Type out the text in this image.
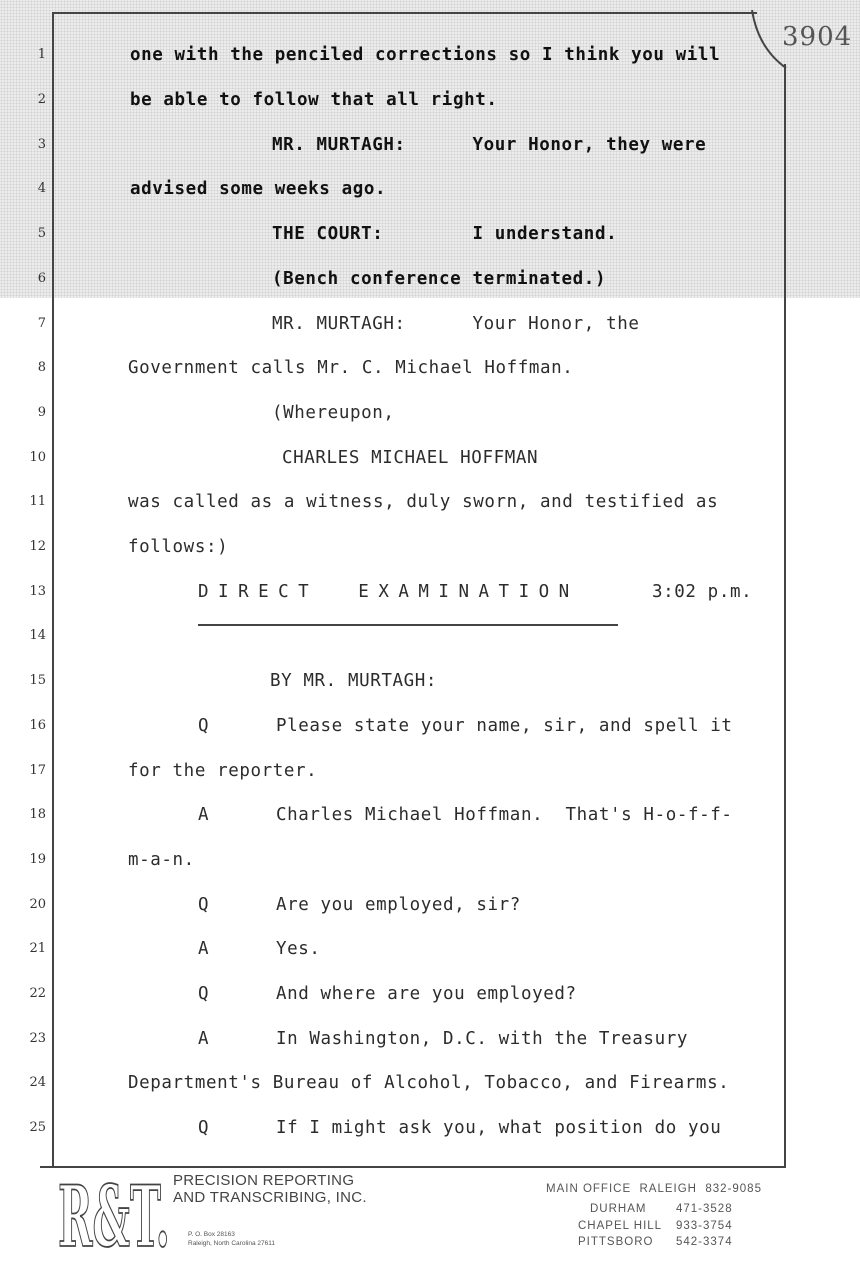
3904
1
2
3
4
5
6
7
8
9
10
11
12
13
14
15
16
17
18
19
20
21
22
23
24
25
one with the penciled corrections so I think you will
be able to follow that all right.
MR. MURTAGH:      Your Honor, they were
advised some weeks ago.
THE COURT:        I understand.
(Bench conference terminated.)
MR. MURTAGH:      Your Honor, the
Government calls Mr. C. Michael Hoffman.
(Whereupon,
CHARLES MICHAEL HOFFMAN
was called as a witness, duly sworn, and testified as
follows:)
DIRECT  EXAMINATION	3:02 p.m.
BY MR. MURTAGH:
Q      Please state your name, sir, and spell it
for the reporter.
A      Charles Michael Hoffman.  That's H-o-f-f-
m-a-n.
Q      Are you employed, sir?
A      Yes.
Q      And where are you employed?
A      In Washington, D.C. with the Treasury
Department's Bureau of Alcohol, Tobacco, and Firearms.
Q      If I might ask you, what position do you
R&T. PRECISION REPORTING
AND TRANSCRIBING, INC.
P. O. Box 28163
Raleigh, North Carolina 27611
MAIN OFFICE  RALEIGH  832-9085
DURHAM	471-3528
CHAPEL HILL 933-3754
PITTSBORO 542-3374
